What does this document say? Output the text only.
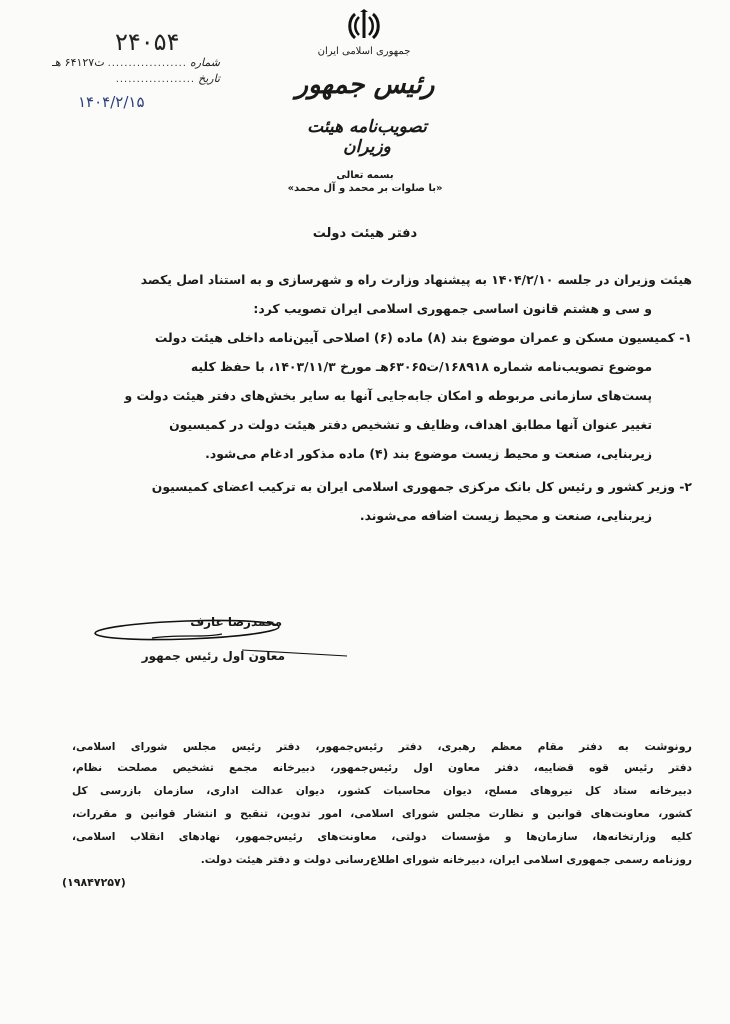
۲۴۰۵۴
شماره
...................
ت۶۴۱۲۷ هـ
تاریخ
...................
۱۴۰۴/۲/۱۵
جمهوری اسلامی ایران
رئیس جمهور
تصویب‌نامه هیئت وزیران
بسمه تعالی
«با صلوات بر محمد و آل محمد»
دفتر هیئت دولت
هیئت وزیران در جلسه ۱۴۰۴/۲/۱۰ به پیشنهاد وزارت راه و شهرسازی و به استناد اصل یکصد
و سی و هشتم قانون اساسی جمهوری اسلامی ایران تصویب کرد:
۱- کمیسیون مسکن و عمران موضوع بند (۸) ماده (۶) اصلاحی آیین‌نامه داخلی هیئت دولت
موضوع تصویب‌نامه شماره ۱۶۸۹۱۸/ت۶۳۰۶۵هـ مورخ ۱۴۰۳/۱۱/۳، با حفظ کلیه
پست‌های سازمانی مربوطه و امکان جابه‌جایی آنها به سایر بخش‌های دفتر هیئت دولت و
تغییر عنوان آنها مطابق اهداف، وظایف و تشخیص دفتر هیئت دولت در کمیسیون
زیربنایی، صنعت و محیط زیست موضوع بند (۴) ماده مذکور ادغام می‌شود.
۲- وزیر کشور و رئیس کل بانک مرکزی جمهوری اسلامی ایران به ترکیب اعضای کمیسیون
زیربنایی، صنعت و محیط زیست اضافه می‌شوند.
محمدرضا عارف
معاون اول رئیس جمهور
رونوشت به دفتر مقام معظم رهبری، دفتر رئیس‌جمهور، دفتر رئیس مجلس شورای اسلامی،
دفتر رئیس قوه قضاییه، دفتر معاون اول رئیس‌جمهور، دبیرخانه مجمع تشخیص مصلحت نظام،
دبیرخانه ستاد کل نیروهای مسلح، دیوان محاسبات کشور، دیوان عدالت اداری، سازمان بازرسی کل
کشور، معاونت‌های قوانین و نظارت مجلس شورای اسلامی، امور تدوین، تنقیح و انتشار قوانین و مقررات،
کلیه وزارتخانه‌ها، سازمان‌ها و مؤسسات دولتی، معاونت‌های رئیس‌جمهور، نهادهای انقلاب اسلامی،
روزنامه رسمی جمهوری اسلامی ایران، دبیرخانه شورای اطلاع‌رسانی دولت و دفتر هیئت دولت.
(۱۹۸۴۷۲۵۷)
